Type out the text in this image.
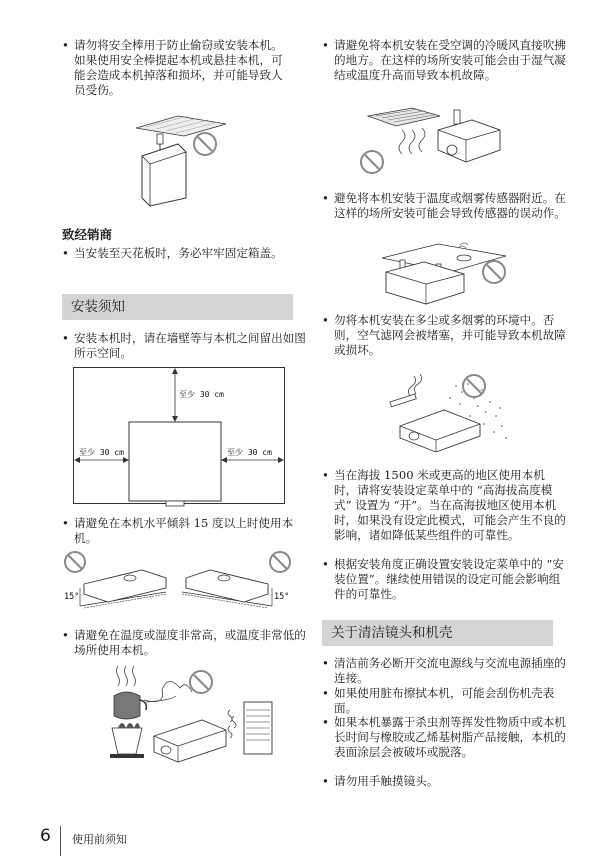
• 请勿将安全棒用于防止偷窃或安装本机。如果使用安全棒提起本机或悬挂本机，可能会造成本机掉落和损坏，并可能导致人员受伤。

致经销商

• 当安装至天花板时，务必牢牢固定箱盖。

安装须知

• 安装本机时，请在墙壁等与本机之间留出如图所示空间。

至少 30 cm
至少 30 cm	至少 30 cm

• 请避免在本机水平倾斜 15 度以上时使用本机。

15°	15°

• 请避免在温度或湿度非常高，或温度非常低的场所使用本机。

• 请避免将本机安装在受空调的冷暖风直接吹拂的地方。在这样的场所安装可能会由于湿气凝结或温度升高而导致本机故障。

• 避免将本机安装于温度或烟雾传感器附近。在这样的场所安装可能会导致传感器的误动作。

• 勿将本机安装在多尘或多烟雾的环境中。否则，空气滤网会被堵塞，并可能导致本机故障或损坏。

• 当在海拔 1500 米或更高的地区使用本机时，请将安装设定菜单中的 “高海拔高度模式” 设置为 “开”。当在高海拔地区使用本机时，如果没有设定此模式，可能会产生不良的影响，诸如降低某些组件的可靠性。

• 根据安装角度正确设置安装设定菜单中的 “安装位置”。继续使用错误的设定可能会影响组件的可靠性。

关于清洁镜头和机壳

• 清洁前务必断开交流电源线与交流电源插座的连接。

• 如果使用脏布擦拭本机，可能会刮伤机壳表面。

• 如果本机暴露于杀虫剂等挥发性物质中或本机长时间与橡胶或乙烯基树脂产品接触，本机的表面涂层会被破坏或脱落。

• 请勿用手触摸镜头。

6 使用前须知
